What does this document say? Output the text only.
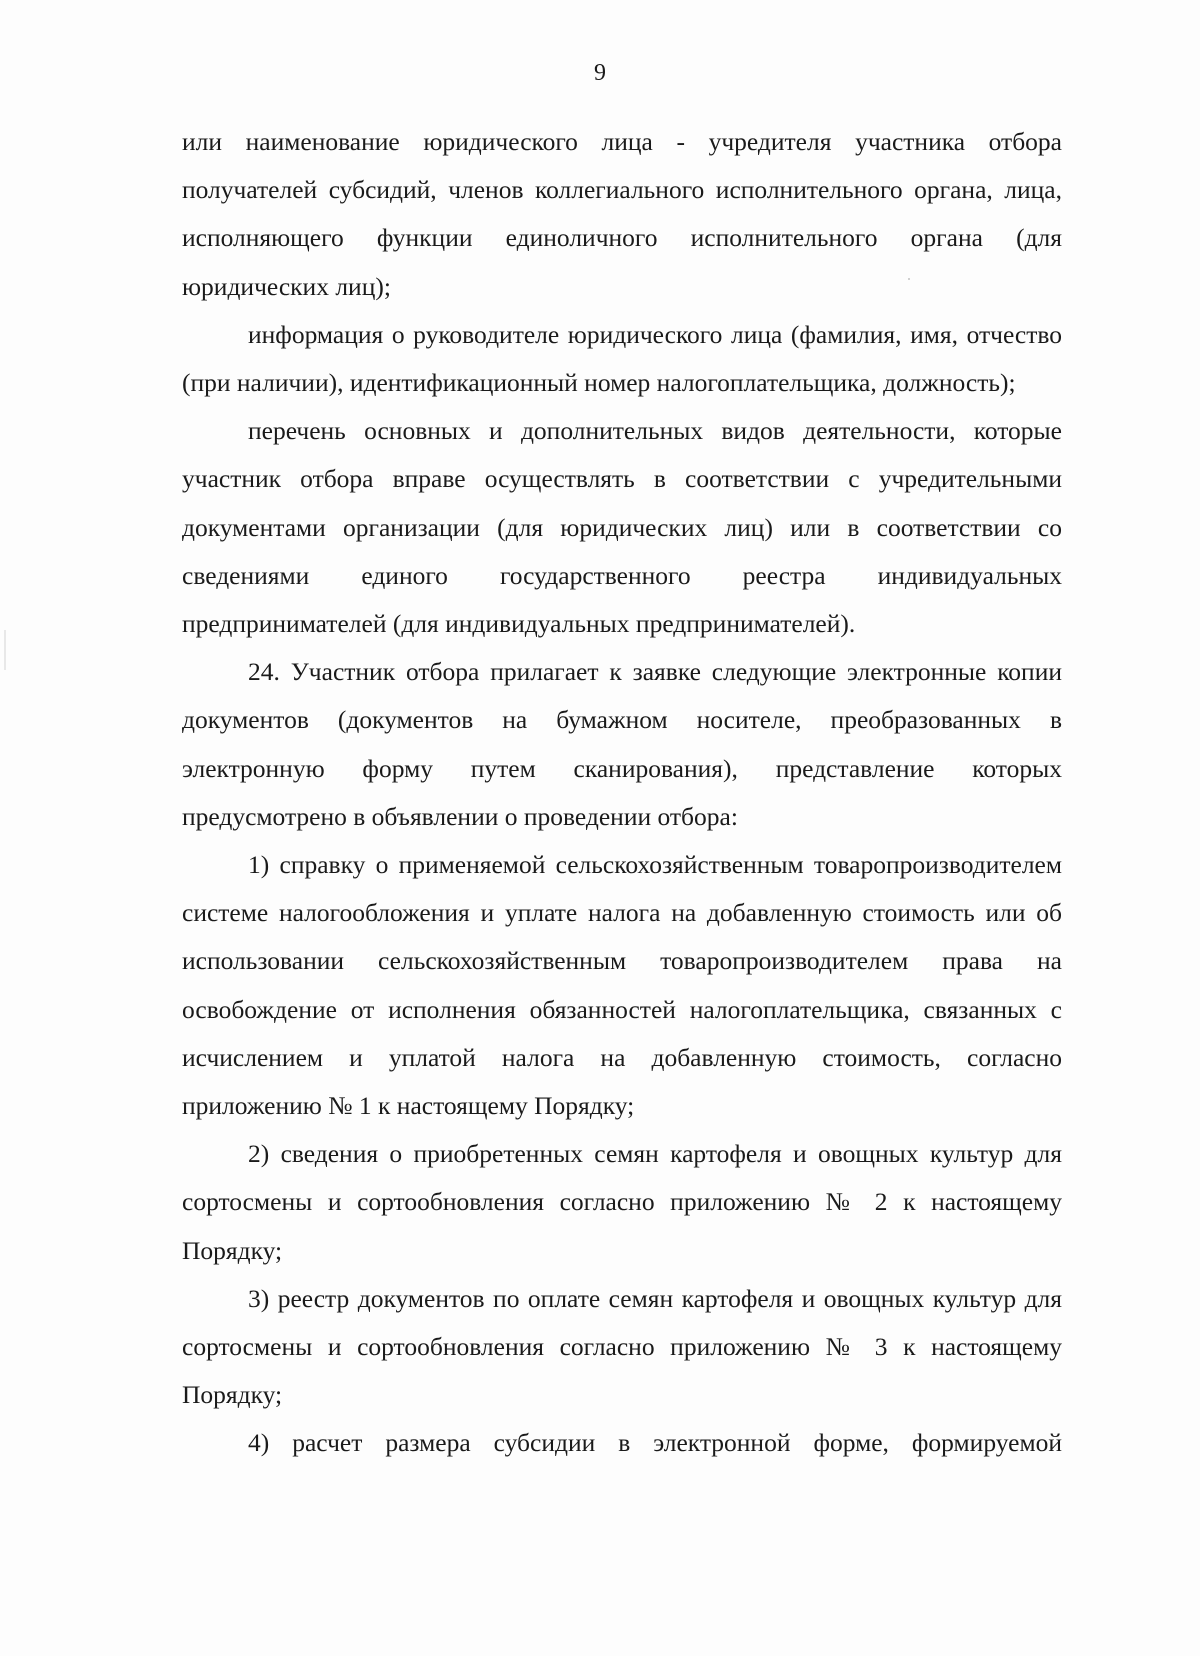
9

или наименование юридического лица - учредителя участника отбора получателей субсидий, членов коллегиального исполнительного органа, лица, исполняющего функции единоличного исполнительного органа (для юридических лиц);

информация о руководителе юридического лица (фамилия, имя, отчество (при наличии), идентификационный номер налогоплательщика, должность);

перечень основных и дополнительных видов деятельности, которые участник отбора вправе осуществлять в соответствии с учредительными документами организации (для юридических лиц) или в соответствии со сведениями единого государственного реестра индивидуальных предпринимателей (для индивидуальных предпринимателей).

24. Участник отбора прилагает к заявке следующие электронные копии документов (документов на бумажном носителе, преобразованных в электронную форму путем сканирования), представление которых предусмотрено в объявлении о проведении отбора:

1) справку о применяемой сельскохозяйственным товаропроизводителем системе налогообложения и уплате налога на добавленную стоимость или об использовании сельскохозяйственным товаропроизводителем права на освобождение от исполнения обязанностей налогоплательщика, связанных с исчислением и уплатой налога на добавленную стоимость, согласно приложению № 1 к настоящему Порядку;

2) сведения о приобретенных семян картофеля и овощных культур для сортосмены и сортообновления согласно приложению № 2 к настоящему Порядку;

3) реестр документов по оплате семян картофеля и овощных культур для сортосмены и сортообновления согласно приложению № 3 к настоящему Порядку;

4) расчет размера субсидии в электронной форме, формируемой
